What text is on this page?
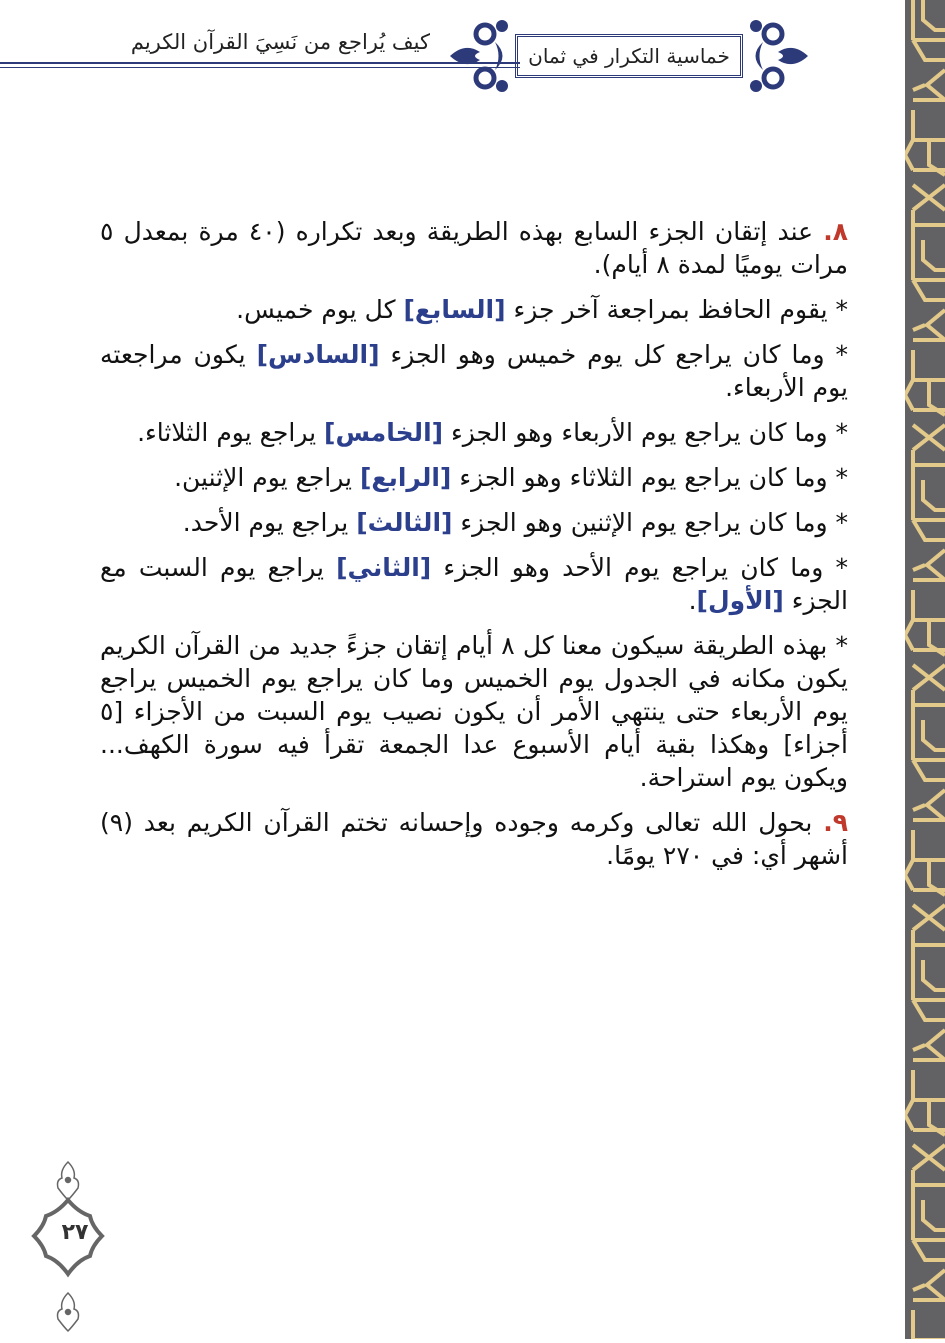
كيف يُراجع من نَسِيَ القرآن الكريم
خماسية التكرار في ثمان

٨. عند إتقان الجزء السابع بهذه الطريقة وبعد تكراره (٤٠ مرة بمعدل ٥ مرات يوميًا لمدة ٨ أيام).

* يقوم الحافظ بمراجعة آخر جزء [السابع] كل يوم خميس.

* وما كان يراجع كل يوم خميس وهو الجزء [السادس] يكون مراجعته يوم الأربعاء.

* وما كان يراجع يوم الأربعاء وهو الجزء [الخامس] يراجع يوم الثلاثاء.

* وما كان يراجع يوم الثلاثاء وهو الجزء [الرابع] يراجع يوم الإثنين.

* وما كان يراجع يوم الإثنين وهو الجزء [الثالث] يراجع يوم الأحد.

* وما كان يراجع يوم الأحد وهو الجزء [الثاني] يراجع يوم السبت مع الجزء [الأول].

* بهذه الطريقة سيكون معنا كل ٨ أيام إتقان جزءً جديد من القرآن الكريم يكون مكانه في الجدول يوم الخميس وما كان يراجع يوم الخميس يراجع يوم الأربعاء حتى ينتهي الأمر أن يكون نصيب يوم السبت من الأجزاء [٥ أجزاء] وهكذا بقية أيام الأسبوع عدا الجمعة تقرأ فيه سورة الكهف... ويكون يوم استراحة.

٩. بحول الله تعالى وكرمه وجوده وإحسانه تختم القرآن الكريم بعد (٩) أشهر أي: في ٢٧٠ يومًا.

٢٧
